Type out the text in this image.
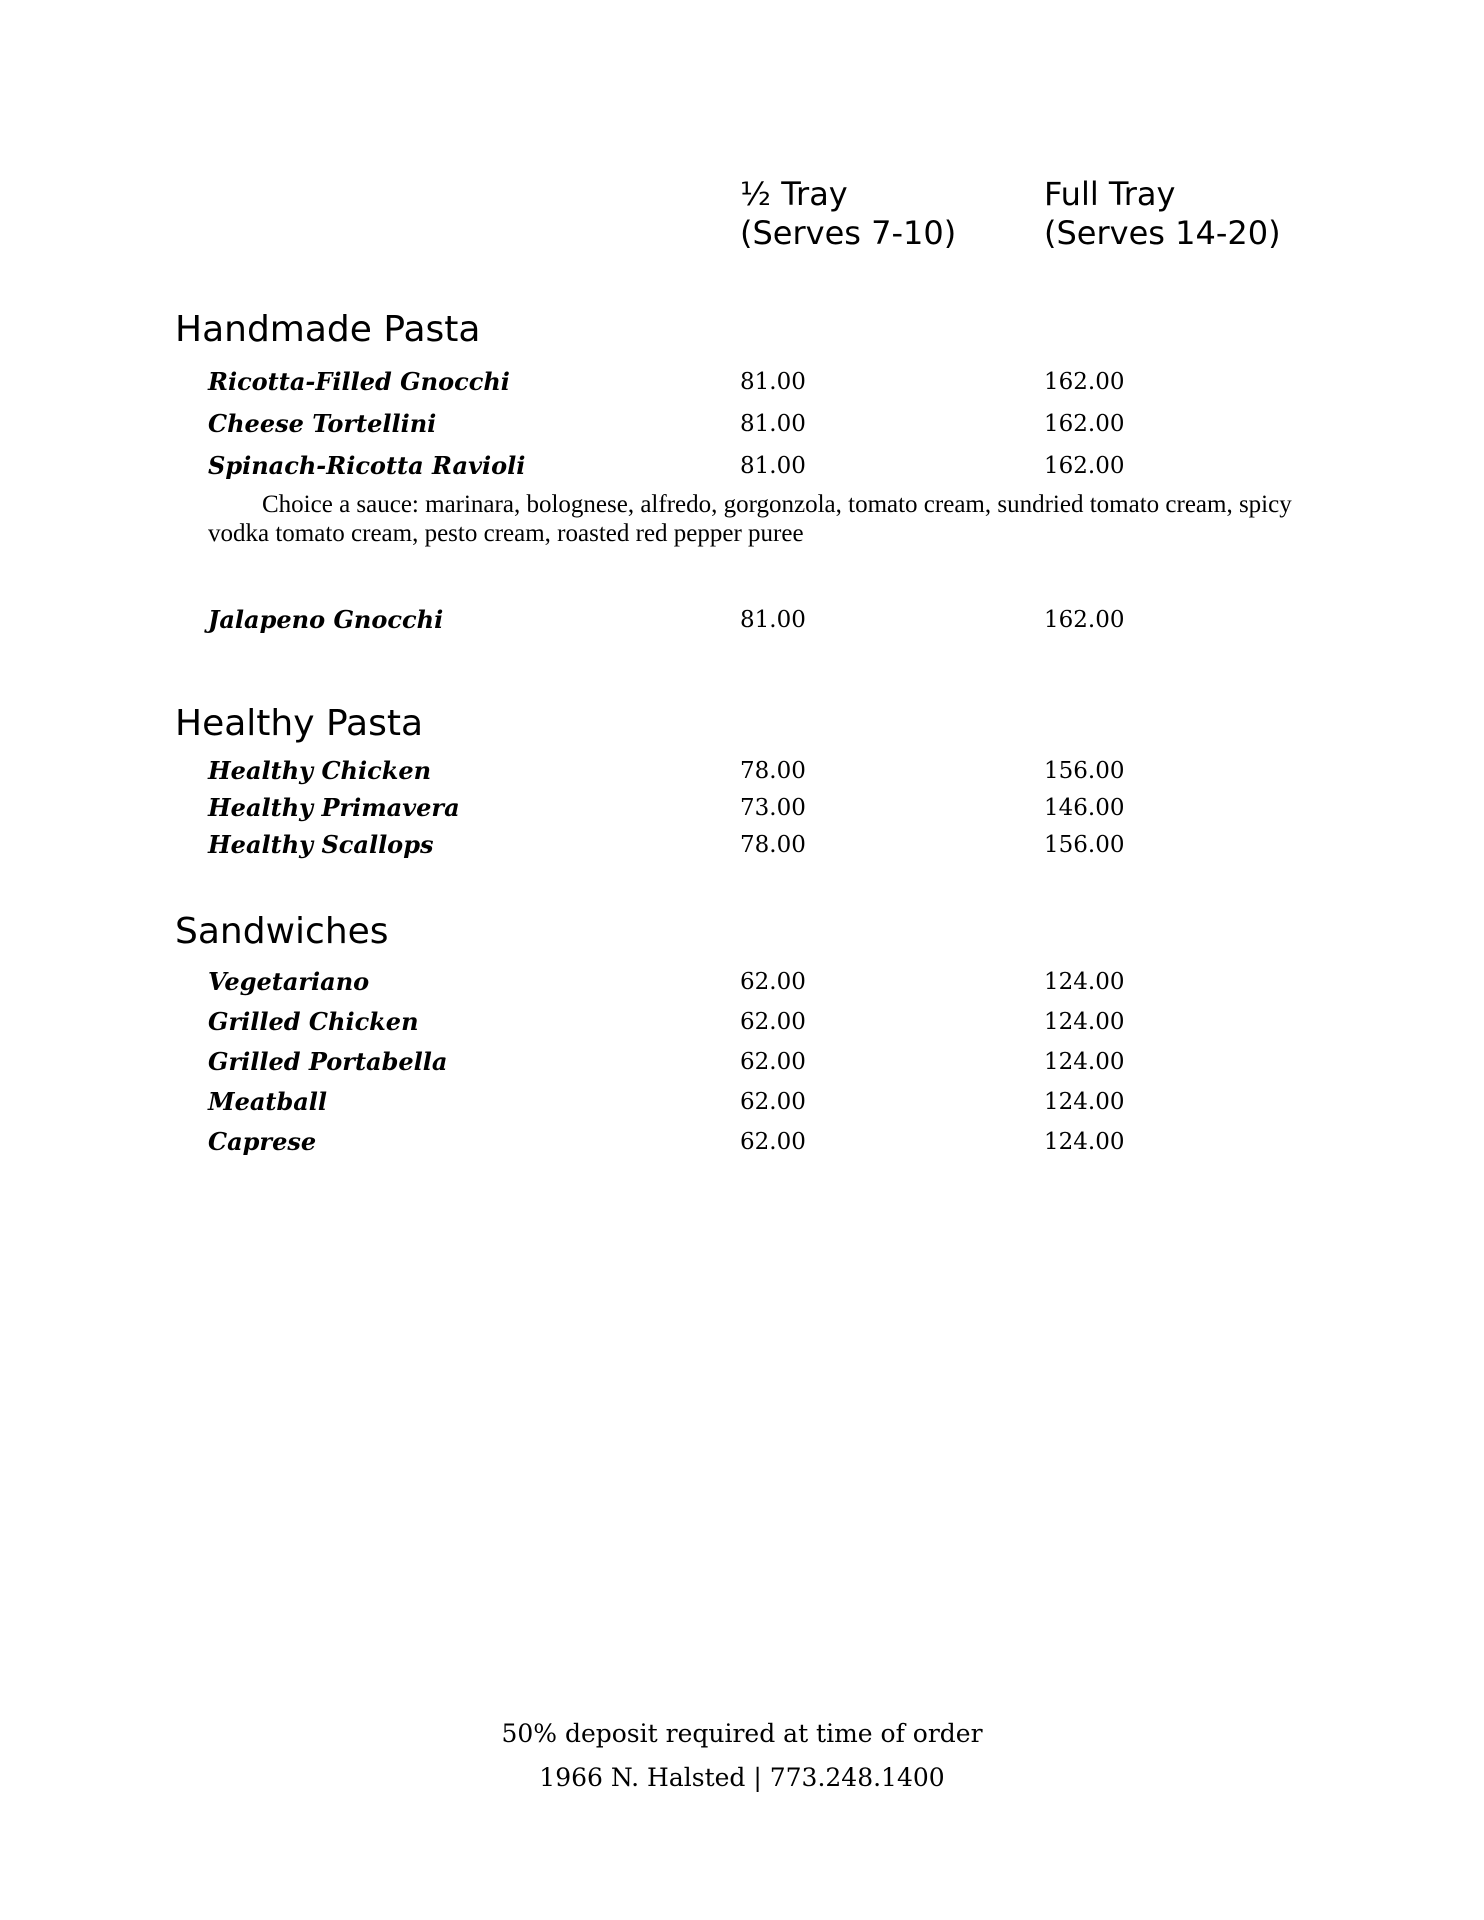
½ Tray
(Serves 7-10)
Full Tray
(Serves 14-20)
Handmade Pasta
Ricotta-Filled Gnocchi	81.00	162.00
Cheese Tortellini	81.00	162.00
Spinach-Ricotta Ravioli	81.00	162.00
Choice a sauce: marinara, bolognese, alfredo, gorgonzola, tomato cream, sundried tomato cream, spicy vodka tomato cream, pesto cream, roasted red pepper puree
Jalapeno Gnocchi	81.00	162.00
Healthy Pasta
Healthy Chicken	78.00	156.00
Healthy Primavera	73.00	146.00
Healthy Scallops	78.00	156.00
Sandwiches
Vegetariano	62.00	124.00
Grilled Chicken	62.00	124.00
Grilled Portabella	62.00	124.00
Meatball	62.00	124.00
Caprese	62.00	124.00
50% deposit required at time of order
1966 N. Halsted | 773.248.1400
